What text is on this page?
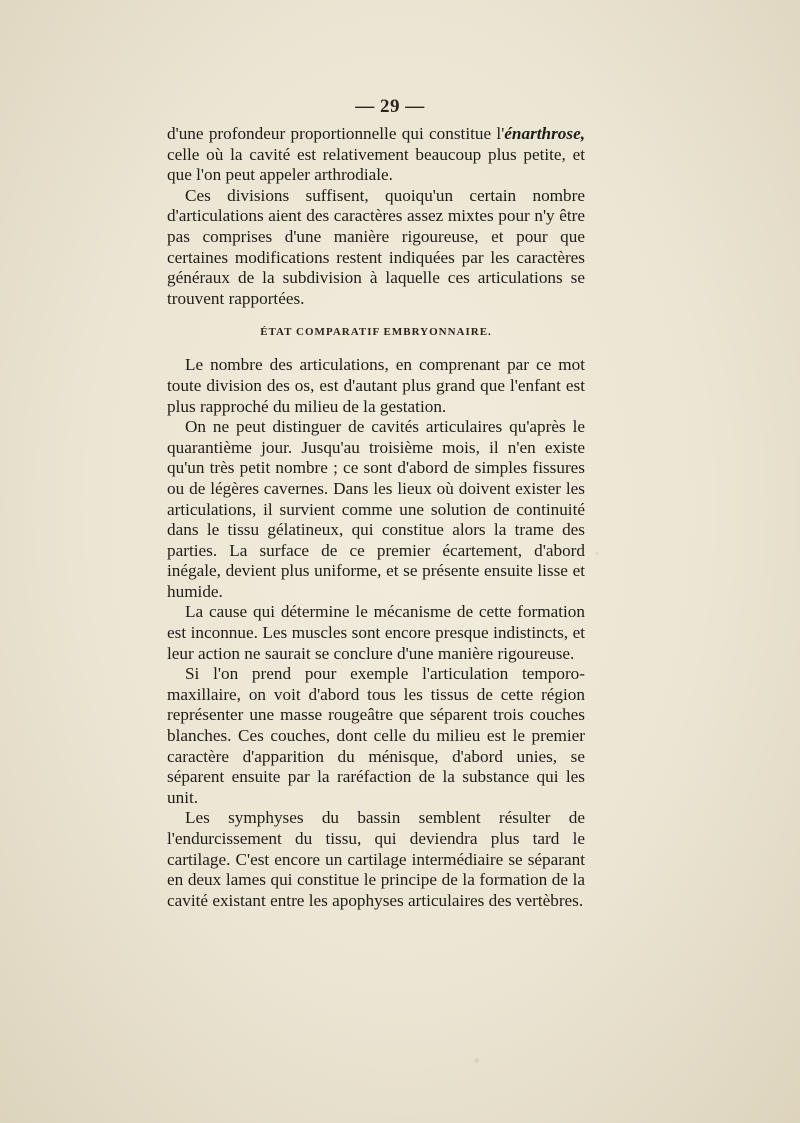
— 29 —

d'une profondeur proportionnelle qui constitue l'énarthrose, celle où la cavité est relativement beaucoup plus petite, et que l'on peut appeler arthrodiale.

Ces divisions suffisent, quoiqu'un certain nombre d'articulations aient des caractères assez mixtes pour n'y être pas comprises d'une manière rigoureuse, et pour que certaines modifications restent indiquées par les caractères généraux de la subdivision à laquelle ces articulations se trouvent rapportées.

ÉTAT COMPARATIF EMBRYONNAIRE.

Le nombre des articulations, en comprenant par ce mot toute division des os, est d'autant plus grand que l'enfant est plus rapproché du milieu de la gestation.

On ne peut distinguer de cavités articulaires qu'après le quarantième jour. Jusqu'au troisième mois, il n'en existe qu'un très petit nombre ; ce sont d'abord de simples fissures ou de légères cavernes. Dans les lieux où doivent exister les articulations, il survient comme une solution de continuité dans le tissu gélatineux, qui constitue alors la trame des parties. La surface de ce premier écartement, d'abord inégale, devient plus uniforme, et se présente ensuite lisse et humide.

La cause qui détermine le mécanisme de cette formation est inconnue. Les muscles sont encore presque indistincts, et leur action ne saurait se conclure d'une manière rigoureuse.

Si l'on prend pour exemple l'articulation temporo-maxillaire, on voit d'abord tous les tissus de cette région représenter une masse rougeâtre que séparent trois couches blanches. Ces couches, dont celle du milieu est le premier caractère d'apparition du ménisque, d'abord unies, se séparent ensuite par la raréfaction de la substance qui les unit.

Les symphyses du bassin semblent résulter de l'endurcissement du tissu, qui deviendra plus tard le cartilage. C'est encore un cartilage intermédiaire se séparant en deux lames qui constitue le principe de la formation de la cavité existant entre les apophyses articulaires des vertèbres.
